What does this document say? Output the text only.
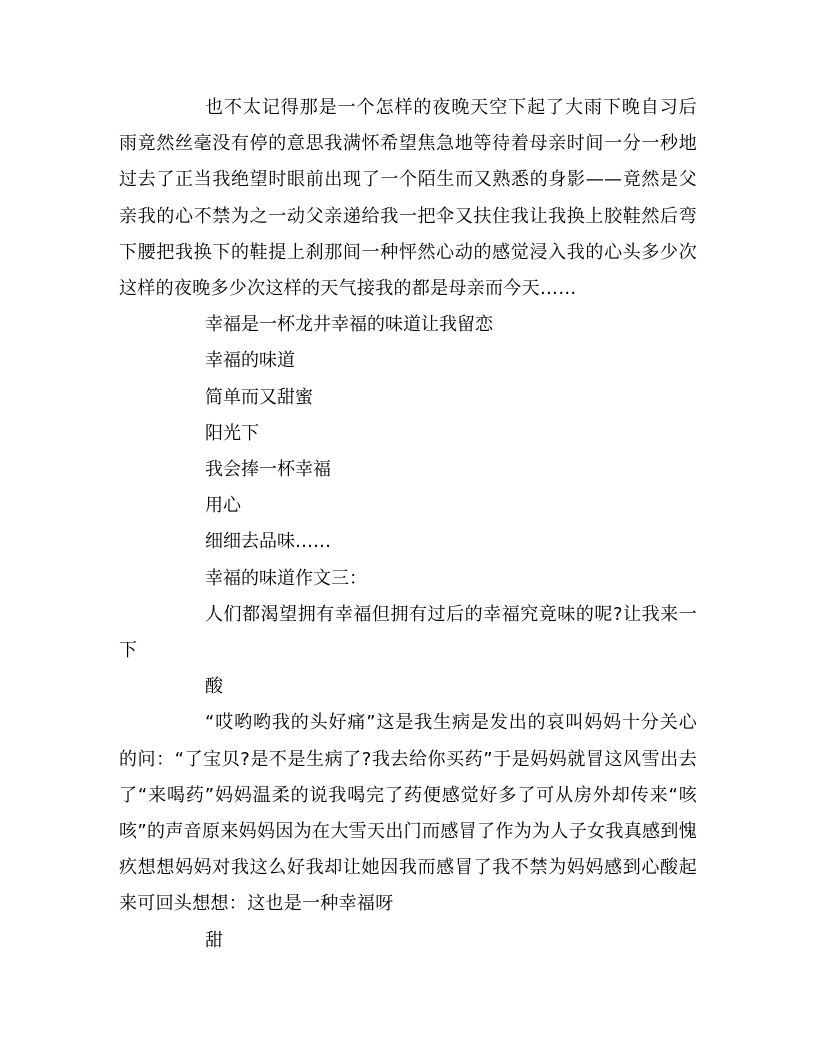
也不太记得那是一个怎样的夜晚天空下起了大雨下晚自习后雨竟然丝毫没有停的意思我满怀希望焦急地等待着母亲时间一分一秒地过去了正当我绝望时眼前出现了一个陌生而又熟悉的身影——竟然是父亲我的心不禁为之一动父亲递给我一把伞又扶住我让我换上胶鞋然后弯下腰把我换下的鞋提上刹那间一种怦然心动的感觉浸入我的心头多少次这样的夜晚多少次这样的天气接我的都是母亲而今天……

幸福是一杯龙井幸福的味道让我留恋

幸福的味道

简单而又甜蜜

阳光下

我会捧一杯幸福

用心

细细去品味……

幸福的味道作文三：

人们都渴望拥有幸福但拥有过后的幸福究竟味的呢?让我来一下

酸

“哎哟哟我的头好痛”这是我生病是发出的哀叫妈妈十分关心的问：“了宝贝?是不是生病了?我去给你买药”于是妈妈就冒这风雪出去了“来喝药”妈妈温柔的说我喝完了药便感觉好多了可从房外却传来“咳咳”的声音原来妈妈因为在大雪天出门而感冒了作为为人子女我真感到愧疚想想妈妈对我这么好我却让她因我而感冒了我不禁为妈妈感到心酸起来可回头想想：这也是一种幸福呀

甜
